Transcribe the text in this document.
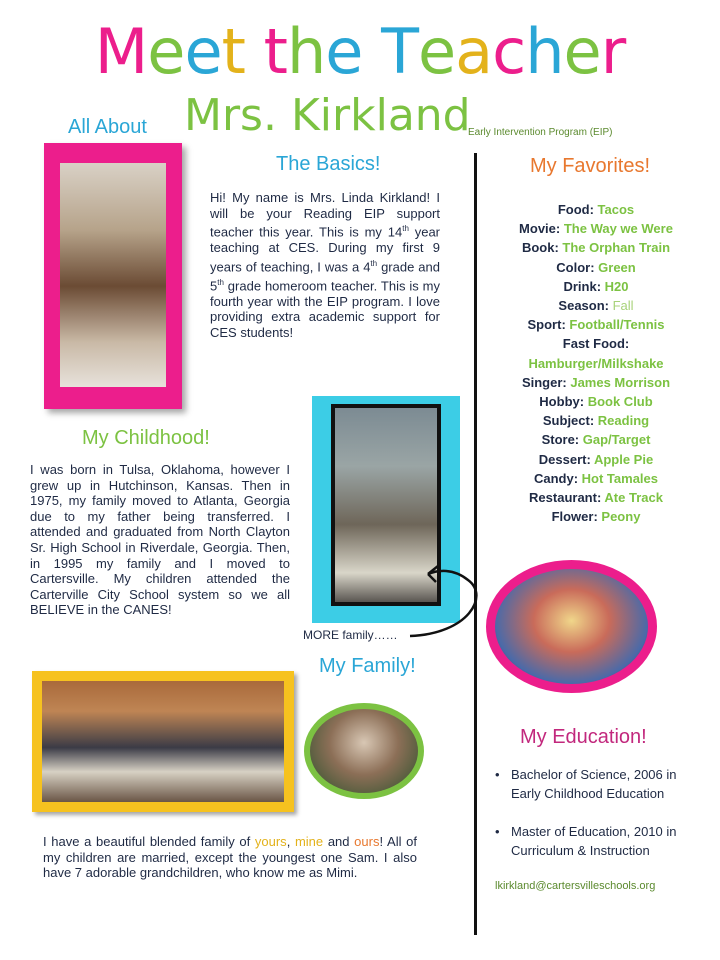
Meet the Teacher
All About Mrs. Kirkland
Early Intervention Program (EIP)
The Basics!
Hi! My name is Mrs. Linda Kirkland! I will be your Reading EIP support teacher this year. This is my 14th year teaching at CES. During my first 9 years of teaching, I was a 4th grade and 5th grade homeroom teacher. This is my fourth year with the EIP program. I love providing extra academic support for CES students!
My Childhood!
I was born in Tulsa, Oklahoma, however I grew up in Hutchinson, Kansas. Then in 1975, my family moved to Atlanta, Georgia due to my father being transferred. I attended and graduated from North Clayton Sr. High School in Riverdale, Georgia. Then, in 1995 my family and I moved to Cartersville. My children attended the Carterville City School system so we all BELIEVE in the CANES!
MORE family……
My Family!
I have a beautiful blended family of yours, mine and ours! All of my children are married, except the youngest one Sam. I also have 7 adorable grandchildren, who know me as Mimi.
My Favorites!
Food: Tacos
Movie: The Way we Were
Book: The Orphan Train
Color: Green
Drink: H20
Season: Fall
Sport: Football/Tennis
Fast Food:
Hamburger/Milkshake
Singer: James Morrison
Hobby: Book Club
Subject: Reading
Store: Gap/Target
Dessert: Apple Pie
Candy: Hot Tamales
Restaurant: Ate Track
Flower: Peony
My Education!
• Bachelor of Science, 2006 in Early Childhood Education
• Master of Education, 2010 in Curriculum & Instruction
lkirkland@cartersvilleschools.org
